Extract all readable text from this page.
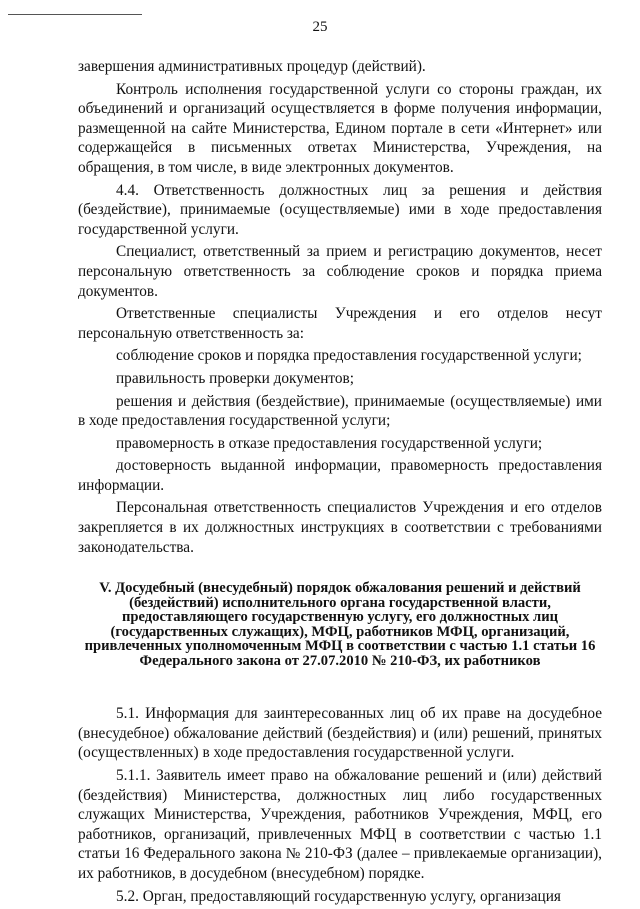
25

завершения административных процедур (действий).

Контроль исполнения государственной услуги со стороны граждан, их объединений и организаций осуществляется в форме получения информации, размещенной на сайте Министерства, Едином портале в сети «Интернет» или содержащейся в письменных ответах Министерства, Учреждения, на обращения, в том числе, в виде электронных документов.

4.4. Ответственность должностных лиц за решения и действия (бездействие), принимаемые (осуществляемые) ими в ходе предоставления государственной услуги.

Специалист, ответственный за прием и регистрацию документов, несет персональную ответственность за соблюдение сроков и порядка приема документов.

Ответственные специалисты Учреждения и его отделов несут персональную ответственность за:

соблюдение сроков и порядка предоставления государственной услуги;

правильность проверки документов;

решения и действия (бездействие), принимаемые (осуществляемые) ими в ходе предоставления государственной услуги;

правомерность в отказе предоставления государственной услуги;

достоверность выданной информации, правомерность предоставления информации.

Персональная ответственность специалистов Учреждения и его отделов закрепляется в их должностных инструкциях в соответствии с требованиями законодательства.

V. Досудебный (внесудебный) порядок обжалования решений и действий (бездействий) исполнительного органа государственной власти, предоставляющего государственную услугу, его должностных лиц (государственных служащих), МФЦ, работников МФЦ, организаций, привлеченных уполномоченным МФЦ в соответствии с частью 1.1 статьи 16 Федерального закона от 27.07.2010 № 210-ФЗ, их работников

5.1. Информация для заинтересованных лиц об их праве на досудебное (внесудебное) обжалование действий (бездействия) и (или) решений, принятых (осуществленных) в ходе предоставления государственной услуги.

5.1.1. Заявитель имеет право на обжалование решений и (или) действий (бездействия) Министерства, должностных лиц либо государственных служащих Министерства, Учреждения, работников Учреждения, МФЦ, его работников, организаций, привлеченных МФЦ в соответствии с частью 1.1 статьи 16 Федерального закона № 210-ФЗ (далее – привлекаемые организации), их работников, в досудебном (внесудебном) порядке.

5.2. Орган, предоставляющий государственную услугу, организация
